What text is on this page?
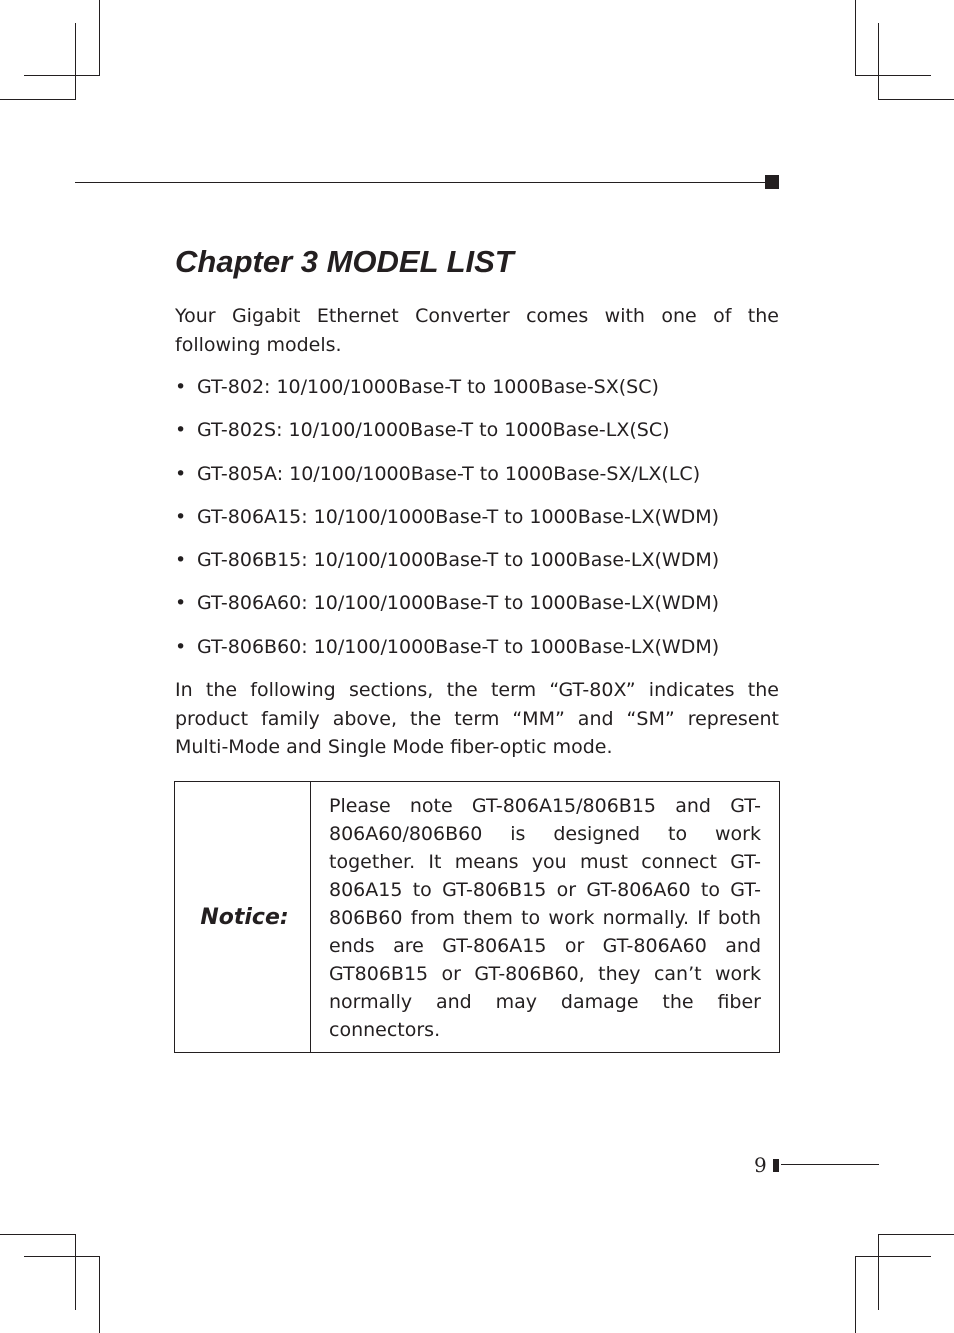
Chapter 3 MODEL LIST

Your Gigabit Ethernet Converter comes with one of the following models.

• GT-802: 10/100/1000Base-T to 1000Base-SX(SC)
• GT-802S: 10/100/1000Base-T to 1000Base-LX(SC)
• GT-805A: 10/100/1000Base-T to 1000Base-SX/LX(LC)
• GT-806A15: 10/100/1000Base-T to 1000Base-LX(WDM)
• GT-806B15: 10/100/1000Base-T to 1000Base-LX(WDM)
• GT-806A60: 10/100/1000Base-T to 1000Base-LX(WDM)
• GT-806B60: 10/100/1000Base-T to 1000Base-LX(WDM)

In the following sections, the term “GT-80X” indicates the product family above, the term “MM” and “SM” represent Multi-Mode and Single Mode fiber-optic mode.

Notice:

Please note GT-806A15/806B15 and GT-806A60/806B60 is designed to work together. It means you must connect GT-806A15 to GT-806B15 or GT-806A60 to GT-806B60 from them to work normally. If both ends are GT-806A15 or GT-806A60 and GT806B15 or GT-806B60, they can’t work normally and may damage the fiber connectors.

9
